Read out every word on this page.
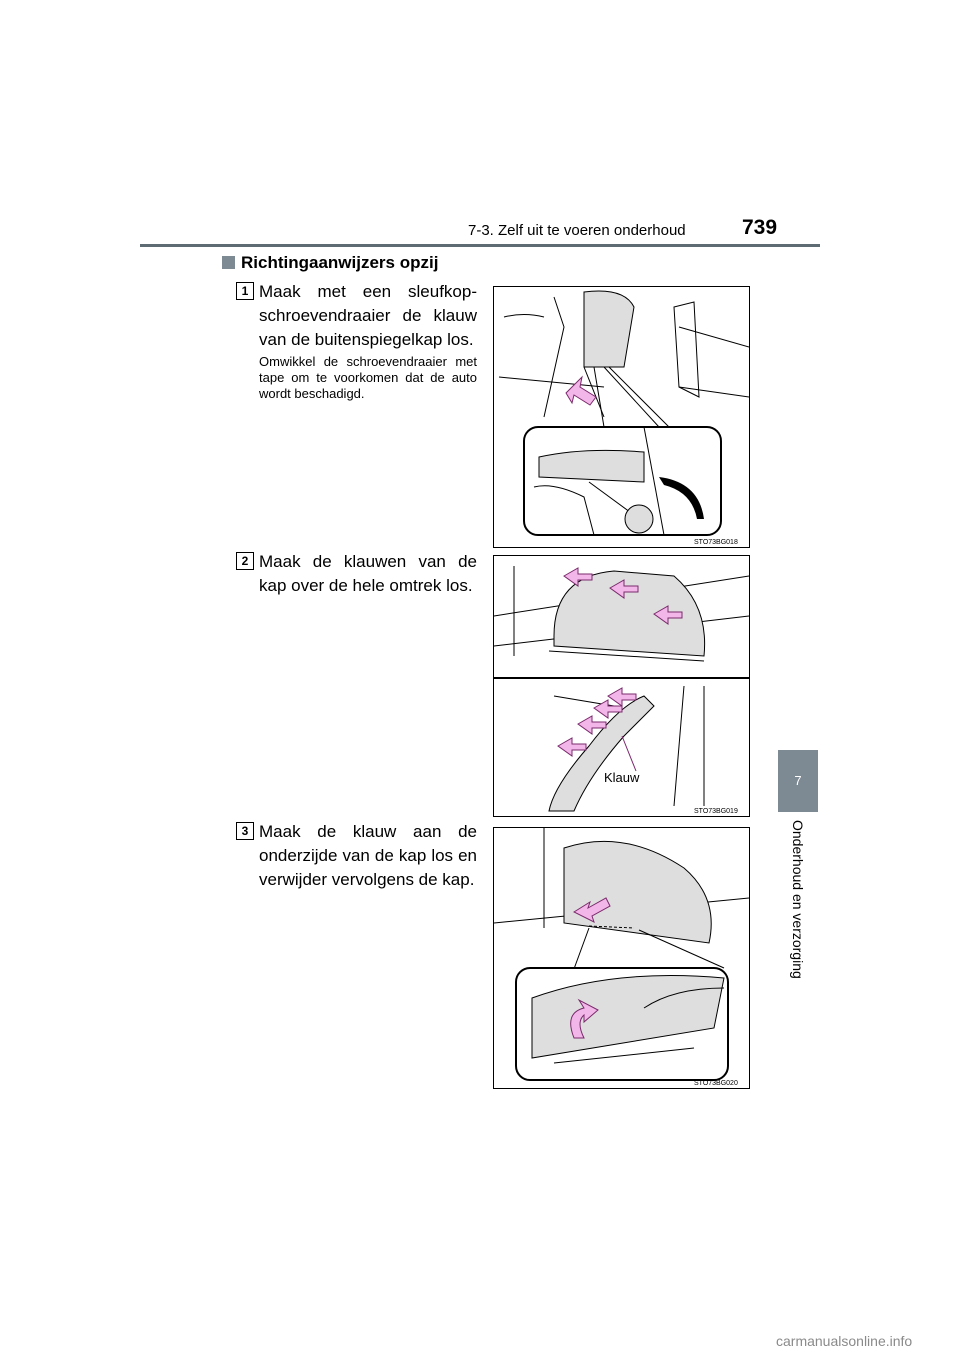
7-3. Zelf uit te voeren onderhoud	739
7
Onderhoud en verzorging
Richtingaanwijzers opzij
1 Maak met een sleufkop-schroevendraaier de klauw van de buitenspiegelkap los.
Omwikkel de schroevendraaier met tape om te voorkomen dat de auto wordt beschadigd.
2 Maak de klauwen van de kap over de hele omtrek los.
3 Maak de klauw aan de onderzijde van de kap los en verwijder vervolgens de kap.
STO73BG018
Klauw
STO73BG019
STO73BG020
carmanualsonline.info
